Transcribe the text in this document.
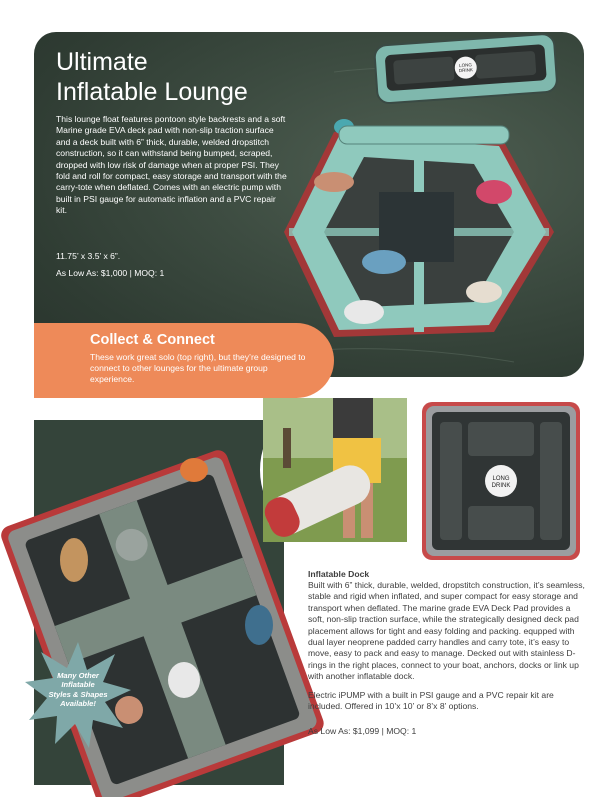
LONG
DRINK
Ultimate
Inflatable Lounge
This lounge float features pontoon style backrests and a soft Marine grade EVA deck pad with non-slip traction surface and a deck built with 6” thick, durable, welded dropstitch construction, so it can withstand being bumped, scraped, dropped with low risk of damage when at proper PSI. They fold and roll for compact, easy storage and transport with the carry-tote when deflated. Comes with an electric pump with built in PSI gauge for automatic inflation and a PVC repair kit.
11.75’ x 3.5’ x 6”.
As Low As: $1,000 | MOQ: 1
Collect & Connect
These work great solo (top right), but they’re designed to connect to other lounges for the ultimate group experience.
LONG
DRINK
Many Other
Inflatable
Styles & Shapes
Available!
Inflatable Dock
Built with 6” thick, durable, welded, dropstitch construction, it’s seamless, stable and rigid when inflated, and super compact for easy storage and transport when deflated. The marine grade EVA Deck Pad provides a soft, non-slip traction surface, while the strategically designed deck pad placement allows for tight and easy folding and packing. equpped with dual layer neoprene padded carry handles and carry tote, it’s easy to move, easy to pack and easy to manage. Decked out with stainless D-rings in the right places, connect to your boat, anchors, docks or link up with another inflatable dock.
Electric iPUMP with a built in PSI gauge and a PVC repair kit are included. Offered in 10’x 10’ or 8’x 8’ options.
As Low As: $1,099 | MOQ: 1
